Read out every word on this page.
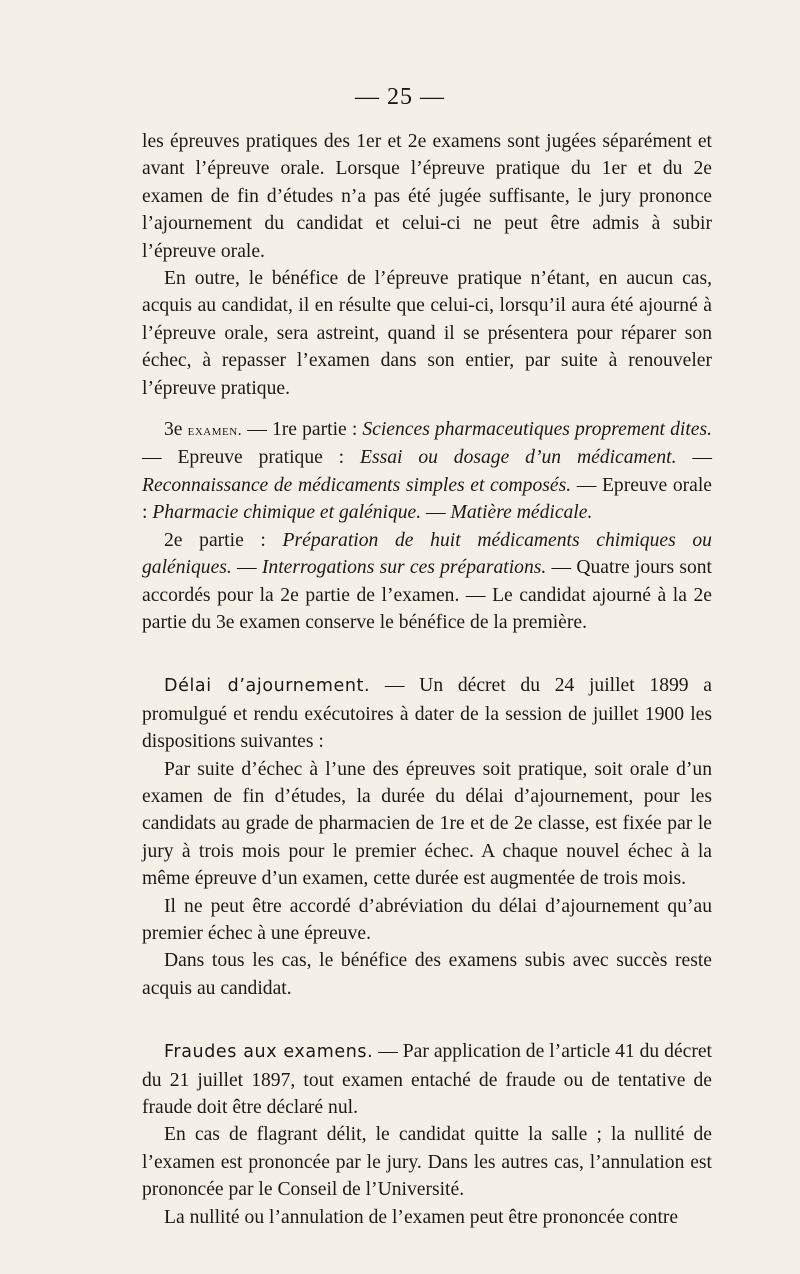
— 25 —

les épreuves pratiques des 1er et 2e examens sont jugées séparément et avant l’épreuve orale. Lorsque l’épreuve pratique du 1er et du 2e examen de fin d’études n’a pas été jugée suffisante, le jury prononce l’ajournement du candidat et celui-ci ne peut être admis à subir l’épreuve orale.

En outre, le bénéfice de l’épreuve pratique n’étant, en aucun cas, acquis au candidat, il en résulte que celui-ci, lorsqu’il aura été ajourné à l’épreuve orale, sera astreint, quand il se présentera pour réparer son échec, à repasser l’examen dans son entier, par suite à renouveler l’épreuve pratique.

3e examen. — 1re partie : Sciences pharmaceutiques proprement dites. — Epreuve pratique : Essai ou dosage d’un médicament. — Reconnaissance de médicaments simples et composés. — Epreuve orale : Pharmacie chimique et galénique. — Matière médicale.

2e partie : Préparation de huit médicaments chimiques ou galéniques. — Interrogations sur ces préparations. — Quatre jours sont accordés pour la 2e partie de l’examen. — Le candidat ajourné à la 2e partie du 3e examen conserve le bénéfice de la première.

Délai d’ajournement. — Un décret du 24 juillet 1899 a promulgué et rendu exécutoires à dater de la session de juillet 1900 les dispositions suivantes :

Par suite d’échec à l’une des épreuves soit pratique, soit orale d’un examen de fin d’études, la durée du délai d’ajournement, pour les candidats au grade de pharmacien de 1re et de 2e classe, est fixée par le jury à trois mois pour le premier échec. A chaque nouvel échec à la même épreuve d’un examen, cette durée est augmentée de trois mois.

Il ne peut être accordé d’abréviation du délai d’ajournement qu’au premier échec à une épreuve.

Dans tous les cas, le bénéfice des examens subis avec succès reste acquis au candidat.

Fraudes aux examens. — Par application de l’article 41 du décret du 21 juillet 1897, tout examen entaché de fraude ou de tentative de fraude doit être déclaré nul.

En cas de flagrant délit, le candidat quitte la salle ; la nullité de l’examen est prononcée par le jury. Dans les autres cas, l’annulation est prononcée par le Conseil de l’Université.

La nullité ou l’annulation de l’examen peut être prononcée contre
